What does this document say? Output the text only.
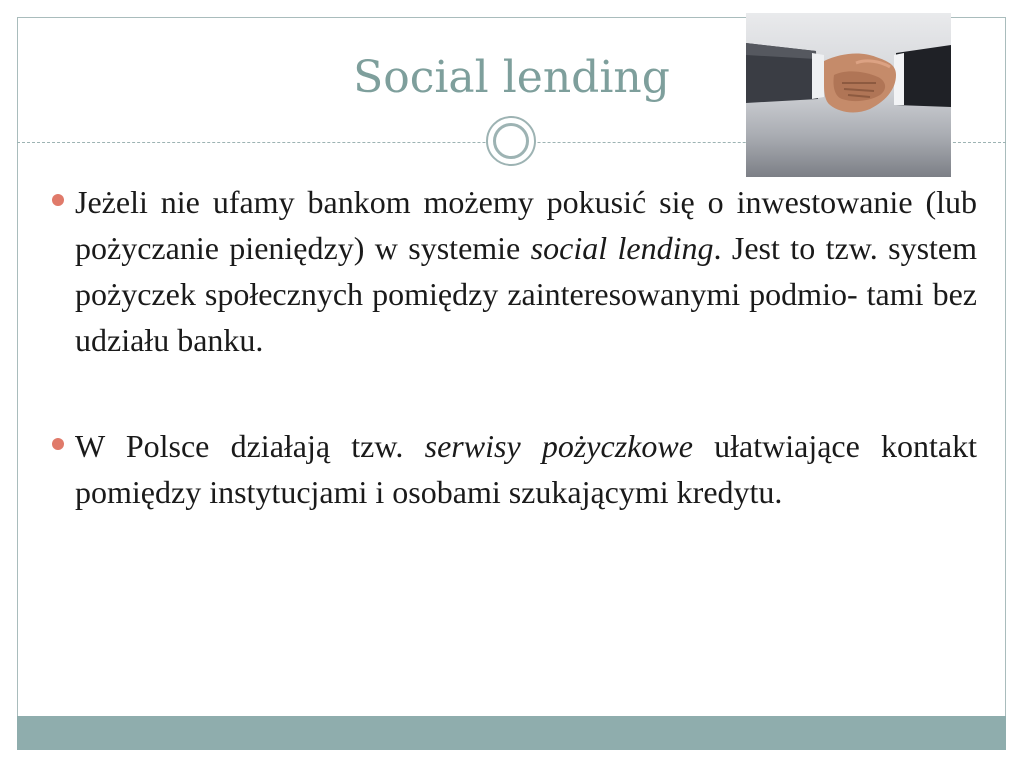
Social lending

Jeżeli nie ufamy bankom możemy pokusić się o inwestowanie (lub pożyczanie pieniędzy) w systemie social lending. Jest to tzw. system pożyczek społecznych pomiędzy zainteresowanymi podmio- tami bez udziału banku.

W Polsce działają tzw. serwisy pożyczkowe ułatwiające kontakt pomiędzy instytucjami i osobami szukającymi kredytu.
